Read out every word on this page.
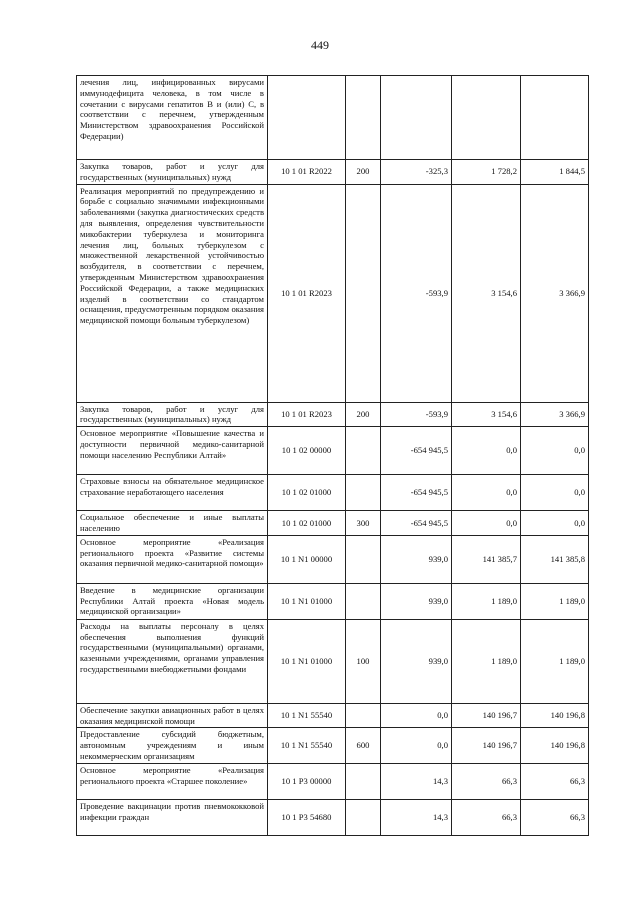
449
лечения лиц, инфицированных вирусами иммунодефицита человека, в том числе в сочетании с вирусами гепатитов В и (или) С, в соответствии с перечнем, утвержденным Министерством здравоохранения Российской Федерации)					
Закупка товаров, работ и услуг для государственных (муниципальных) нужд	10 1 01 R2022	200	-325,3	1 728,2	1 844,5
Реализация мероприятий по предупреждению и борьбе с социально значимыми инфекционными заболеваниями (закупка диагностических средств для выявления, определения чувствительности микобактерии туберкулеза и мониторинга лечения лиц, больных туберкулезом с множественной лекарственной устойчивостью возбудителя, в соответствии с перечнем, утвержденным Министерством здравоохранения Российской Федерации, а также медицинских изделий в соответствии со стандартом оснащения, предусмотренным порядком оказания медицинской помощи больным туберкулезом)	10 1 01 R2023		-593,9	3 154,6	3 366,9
Закупка товаров, работ и услуг для государственных (муниципальных) нужд	10 1 01 R2023	200	-593,9	3 154,6	3 366,9
Основное мероприятие «Повышение качества и доступности первичной медико-санитарной помощи населению Республики Алтай»	10 1 02 00000		-654 945,5	0,0	0,0
Страховые взносы на обязательное медицинское страхование неработающего населения	10 1 02 01000		-654 945,5	0,0	0,0
Социальное обеспечение и иные выплаты населению	10 1 02 01000	300	-654 945,5	0,0	0,0
Основное мероприятие «Реализация регионального проекта «Развитие системы оказания первичной медико-санитарной помощи»	10 1 N1 00000		939,0	141 385,7	141 385,8
Введение в медицинские организации Республики Алтай проекта «Новая модель медицинской организации»	10 1 N1 01000		939,0	1 189,0	1 189,0
Расходы на выплаты персоналу в целях обеспечения выполнения функций государственными (муниципальными) органами, казенными учреждениями, органами управления государственными внебюджетными фондами	10 1 N1 01000	100	939,0	1 189,0	1 189,0
Обеспечение закупки авиационных работ в целях оказания медицинской помощи	10 1 N1 55540		0,0	140 196,7	140 196,8
Предоставление субсидий бюджетным, автономным учреждениям и иным некоммерческим организациям	10 1 N1 55540	600	0,0	140 196,7	140 196,8
Основное мероприятие «Реализация регионального проекта «Старшее поколение»	10 1 P3 00000		14,3	66,3	66,3
Проведение вакцинации против пневмококковой инфекции граждан	10 1 P3 54680		14,3	66,3	66,3
